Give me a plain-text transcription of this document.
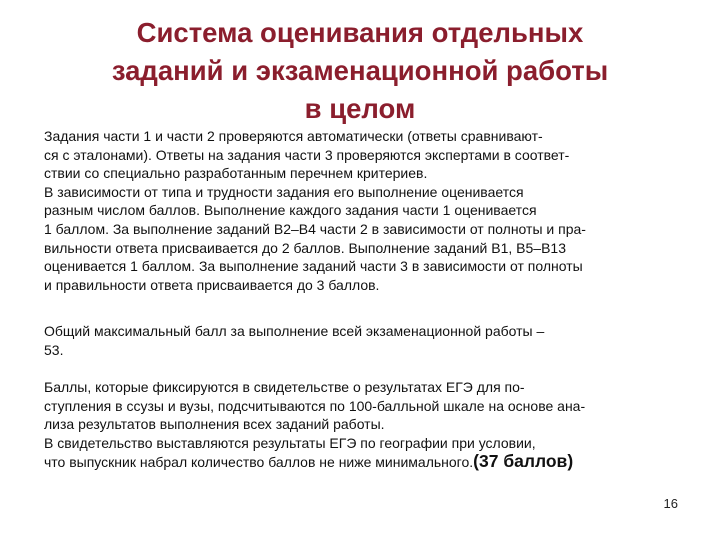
Система оценивания отдельных
заданий и экзаменационной работы
в целом
Задания части 1 и части 2 проверяются автоматически (ответы сравнивают-
ся с эталонами). Ответы на задания части 3 проверяются экспертами в соответ-
ствии со специально разработанным перечнем критериев.
В зависимости от типа и трудности задания его выполнение оценивается
разным числом баллов. Выполнение каждого задания части 1 оценивается
1 баллом. За выполнение заданий В2–В4 части 2 в зависимости от полноты и пра-
вильности ответа присваивается до 2 баллов. Выполнение заданий В1, В5–В13
оценивается 1 баллом. За выполнение заданий части 3 в зависимости от полноты
и правильности ответа присваивается до 3 баллов.
Общий максимальный балл за выполнение всей экзаменационной работы –
53.
Баллы, которые фиксируются в свидетельстве о результатах ЕГЭ для по-
ступления в ссузы и вузы, подсчитываются по 100-балльной шкале на основе ана-
лиза результатов выполнения всех заданий работы.
В свидетельство выставляются результаты ЕГЭ по географии при условии,
что выпускник набрал количество баллов не ниже минимального.(37 баллов)
16
